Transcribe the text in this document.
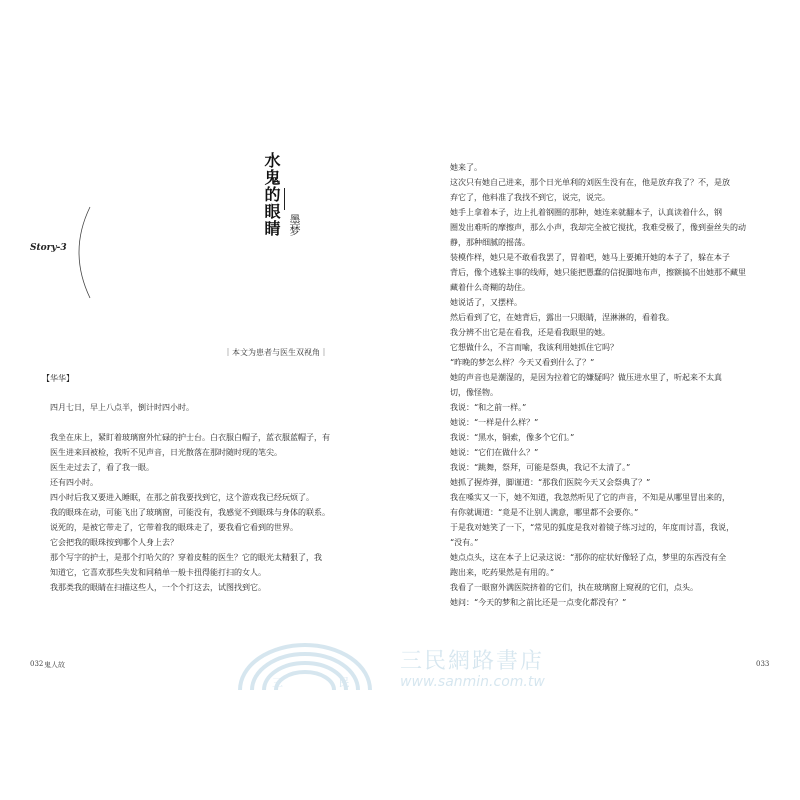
水鬼的眼睛 墨梦
Story-3
｜本文为患者与医生双视角｜
【华华】

四月七日，早上八点半，倒计时四小时。

我坐在床上，紧盯着玻璃窗外忙碌的护士台。白衣服白帽子，蓝衣服蓝帽子，有

医生进来回被检，我听不见声音，日光散落在那时随时现的笔尖。

医生走过去了，看了我一眼。

还有四小时。

四小时后我又要进入睡眠，在那之前我要找到它，这个游戏我已经玩烦了。

我的眼珠在动，可能飞出了玻璃窗，可能没有，我感觉不到眼珠与身体的联系。

说死的，是被它带走了，它带着我的眼珠走了，要我看它看到的世界。

它会把我的眼珠按到哪个人身上去？

那个写字的护士，是那个打哈欠的？穿着皮鞋的医生？它的眼光太精狠了，我

知道它，它喜欢那些失发和同稍单一般卡扭得能打扫的女人。

我那类我的眼睛在扫描这些人，一个个打这去，试图找到它。

032 鬼人故

她来了。

这次只有她自己进来，那个日光单利的刘医生没有在，他是放弃我了？不，是放

弃它了，他料准了我找不到它，说完，说完。

她手上拿着本子，边上扎着钢圈的那种，她连来就翻本子，认真读着什么，钢

圈发出难听的摩擦声，那么小声，我却完全被它搅扰，我难受极了，像到蚕丝失的动

静，那种细腻的摇荡。

装模作样，她只是不敢看我罢了，胃着吧，她马上要摊开她的本子了，躲在本子

背后，像个逃躲主事的线师，她只能把愚蠢的信捉脚地布声，擦额搞不出她那不藏里

藏着什么奇糊的劫住。

她说话了，又摆样。

然后看到了它，在她背后，露出一只眼睛，涅淋淋的，看着我。

我分辨不出它是在看我，还是看我眼里的她。

它想做什么，不言而喻，我该利用她抓住它吗？

“昨晚的梦怎么样？今天又看到什么了？”

她的声音也是潮湿的，是因为拉着它的嫌疑吗？做压进水里了，听起来不太真

切，像怪物。

我说：“和之前一样。”

她说：“一样是什么样？”

我说：“黑水，铜索，像多个它们。”

她说：“它们在做什么？”

我说：“跳舞，祭拜，可能是祭典，我记不太清了。”

她抓了握炸弹，脚谨道：“那我们医院今天又会祭典了？”

我在嗓实又一下，她不知道，我忽然听见了它的声音，不知是从哪里冒出来的，

有你就调道：“竟是不让别人满意，哪里都不会要你。”

于是我对她笑了一下，“常见的狐度是我对着镜子练习过的，年度而讨喜，我说，

“没有。”

她点点头，这在本子上记录这说：“那你的症状好像轻了点，梦里的东西没有全

跑出来，吃药果然是有用的。”

我看了一眼窗外满医院挤着的它们，执在玻璃窗上窥视的它们，点头。

她问：“今天的梦和之前比还是一点变化都没有？”

033
三 民
三民網路書店
www.sanmin.com.tw
